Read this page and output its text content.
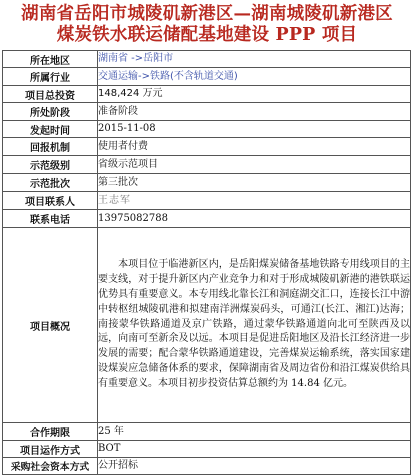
湖南省岳阳市城陵矶新港区—湖南城陵矶新港区
煤炭铁水联运储配基地建设 PPP 项目
所在地区	湖南省 ->岳阳市
所属行业	交通运输->铁路(不含轨道交通)
项目总投资	148,424 万元
所处阶段	准备阶段
发起时间	2015-11-08
回报机制	使用者付费
示范级别	省级示范项目
示范批次	第三批次
项目联系人	王志军
联系电话	13975082788
项目概况	本项目位于临港新区内，是岳阳煤炭储备基地铁路专用线项目的主要支线，对于提升新区内产业竞争力和对于形成城陵矶新港的港铁联运优势具有重要意义。本专用线北靠长江和洞庭湖交汇口，连接长江中游中转枢纽城陵矶港和拟建南洋洲煤炭码头，可通江(长江、湘江)达海；南接蒙华铁路通道及京广铁路，通过蒙华铁路通道向北可至陕西及以远，向南可至新余及以远。本项目是促进岳阳地区及沿长江经济进一步发展的需要；配合蒙华铁路通道建设，完善煤炭运输系统，落实国家建设煤炭应急储备体系的要求，保障湖南省及周边省份和沿江煤炭供给具有重要意义。本项目初步投资估算总额约为 14.84 亿元。
合作期限	25 年
项目运作方式	BOT
采购社会资本方式	公开招标
